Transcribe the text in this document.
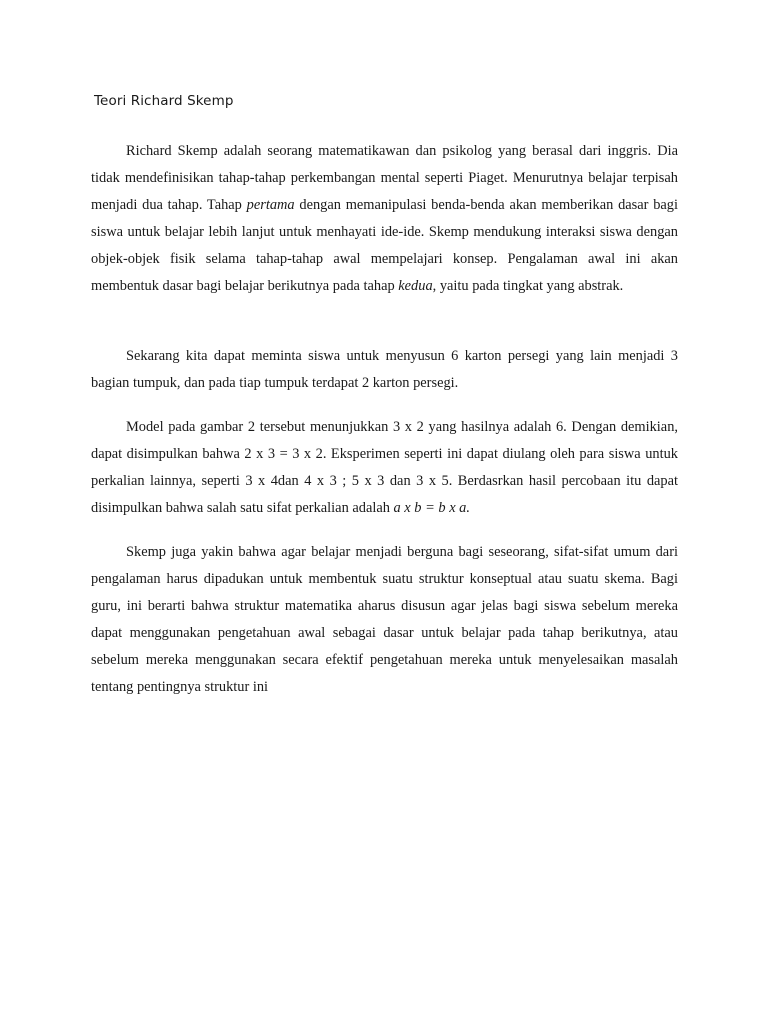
Teori Richard Skemp

Richard Skemp adalah seorang matematikawan dan psikolog yang berasal dari inggris. Dia tidak mendefinisikan tahap-tahap perkembangan mental seperti Piaget. Menurutnya belajar terpisah menjadi dua tahap. Tahap pertama dengan memanipulasi benda-benda akan memberikan dasar bagi siswa untuk belajar lebih lanjut untuk menhayati ide-ide. Skemp mendukung interaksi siswa dengan objek-objek fisik selama tahap-tahap awal mempelajari konsep. Pengalaman awal ini akan membentuk dasar bagi belajar berikutnya pada tahap kedua, yaitu pada tingkat yang abstrak.

Sekarang kita dapat meminta siswa untuk menyusun 6 karton persegi yang lain menjadi 3 bagian tumpuk, dan pada tiap tumpuk terdapat 2 karton persegi.

Model pada gambar 2 tersebut menunjukkan 3 x 2 yang hasilnya adalah 6. Dengan demikian, dapat disimpulkan bahwa 2 x 3 = 3 x 2. Eksperimen seperti ini dapat diulang oleh para siswa untuk perkalian lainnya, seperti 3 x 4dan 4 x 3 ; 5 x 3 dan 3 x 5. Berdasrkan hasil percobaan itu dapat disimpulkan bahwa salah satu sifat perkalian adalah a x b = b x a.

Skemp juga yakin bahwa agar belajar menjadi berguna bagi seseorang, sifat-sifat umum dari pengalaman harus dipadukan untuk membentuk suatu struktur konseptual atau suatu skema. Bagi guru, ini berarti bahwa struktur matematika aharus disusun agar jelas bagi siswa sebelum mereka dapat menggunakan pengetahuan awal sebagai dasar untuk belajar pada tahap berikutnya, atau sebelum mereka menggunakan secara efektif pengetahuan mereka untuk menyelesaikan masalah tentang pentingnya struktur ini
